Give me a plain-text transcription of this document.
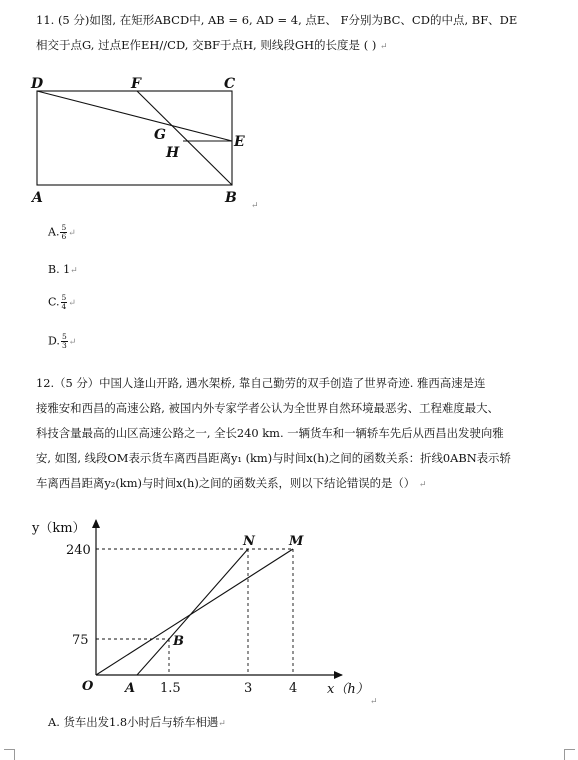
11. (5 分)如图, 在矩形ABCD中, AB = 6, AD = 4, 点E、 F分别为BC、CD的中点, BF、DE
相交于点G, 过点E作EH//CD, 交BF于点H, 则线段GH的长度是 ( ) ↵
D	F	C
G
H
E
A	B ↵
A. $\frac{5}{6}$ ↵
B. 1↵
C. $\frac{5}{4}$ ↵
D. $\frac{5}{3}$ ↵
12.（5 分）中国人逢山开路, 遇水架桥, 靠自己勤劳的双手创造了世界奇迹. 雅西高速是连
接雅安和西昌的高速公路, 被国内外专家学者公认为全世界自然环境最恶劣、工程难度最大、
科技含量最高的山区高速公路之一, 全长240 km. 一辆货车和一辆轿车先后从西昌出发驶向雅
安, 如图, 线段OM表示货车离西昌距离y₁ (km)与时间x(h)之间的函数关系：折线0ABN表示轿
车离西昌距离y₂(km)与时间x(h)之间的函数关系，则以下结论错误的是（） ↵
y（km）
240
75
1.5	3	4
O A
N	M
B
x（h）
↵
A. 货车出发1.8小时后与轿车相遇↵
